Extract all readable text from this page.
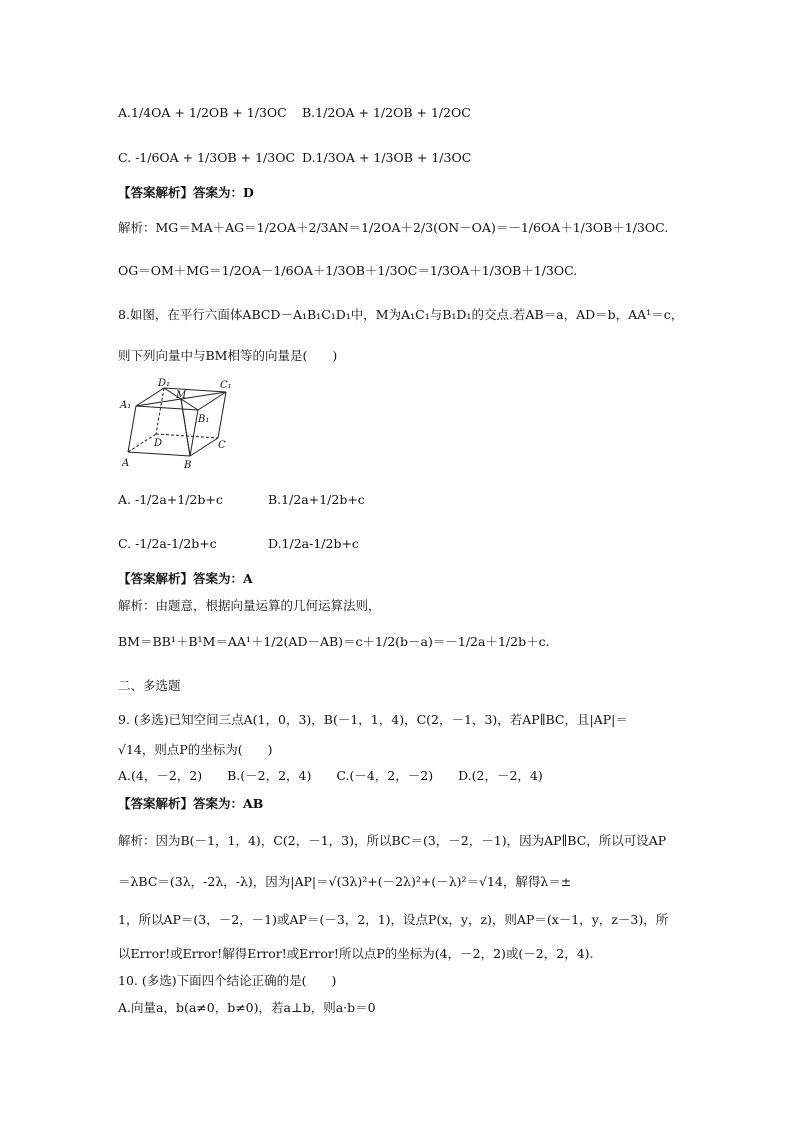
A.1/4OA + 1/2OB + 1/3OC B.1/2OA + 1/2OB + 1/2OC
C. -1/6OA + 1/3OB + 1/3OC D.1/3OA + 1/3OB + 1/3OC
【答案解析】答案为：D
解析：MG＝MA＋AG＝1/2OA＋2/3AN＝1/2OA＋2/3(ON－OA)＝－1/6OA＋1/3OB＋1/3OC.
OG＝OM＋MG＝1/2OA－1/6OA＋1/3OB＋1/3OC＝1/3OA＋1/3OB＋1/3OC.
8.如图，在平行六面体ABCD－A₁B₁C₁D₁中，M为A₁C₁与B₁D₁的交点.若AB＝a，AD＝b，AA¹＝c，
则下列向量中与BM相等的向量是(　　)
D₁	C₁
A₁
M
B₁
D	C
A	B
A. -1/2a+1/2b+c	B.1/2a+1/2b+c
C. -1/2a-1/2b+c	D.1/2a-1/2b+c
【答案解析】答案为：A
解析：由题意，根据向量运算的几何运算法则，
BM＝BB¹＋B¹M＝AA¹＋1/2(AD－AB)＝c＋1/2(b－a)＝－1/2a＋1/2b＋c.
二、多选题
9. (多选)已知空间三点A(1，0，3)，B(－1，1，4)，C(2，－1，3)，若AP∥BC，且|AP|＝
√14，则点P的坐标为(　　)
A.(4，－2，2)　　B.(－2，2，4)　　C.(－4，2，－2)　　D.(2，－2，4)
【答案解析】答案为：AB
解析：因为B(－1，1，4)，C(2，－1，3)，所以BC＝(3，－2，－1)，因为AP∥BC，所以可设AP
＝λBC＝(3λ，-2λ，-λ)，因为|AP|＝√(3λ)²+(－2λ)²+(－λ)²＝√14，解得λ＝±
1，所以AP＝(3，－2，－1)或AP＝(－3，2，1)，设点P(x，y，z)，则AP＝(x－1，y，z－3)，所
以Error!或Error!解得Error!或Error!所以点P的坐标为(4，－2，2)或(－2，2，4).
10. (多选)下面四个结论正确的是(　　)
A.向量a，b(a≠0，b≠0)，若a⊥b，则a·b＝0
